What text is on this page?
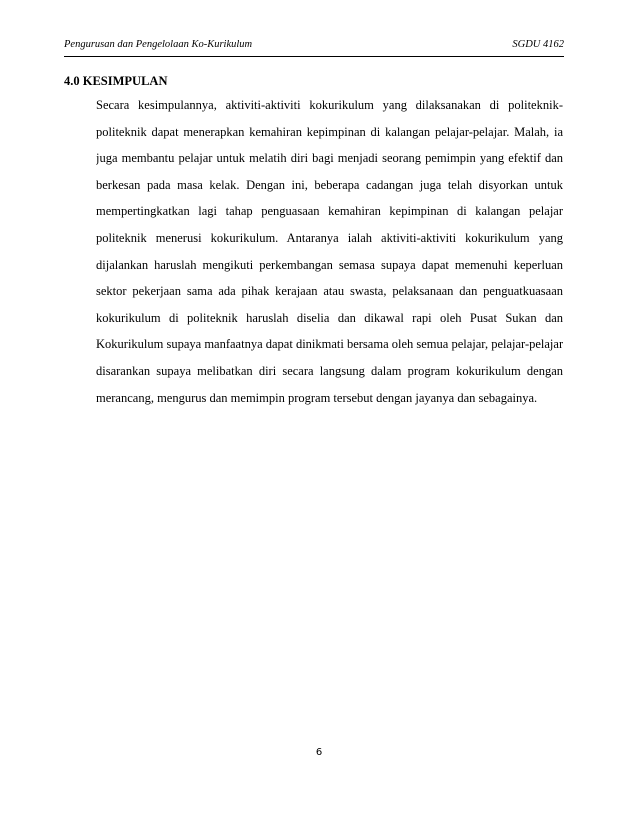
Pengurusan dan Pengelolaan Ko-Kurikulum	SGDU 4162
4.0 KESIMPULAN

Secara kesimpulannya, aktiviti-aktiviti kokurikulum yang dilaksanakan di politeknik-
politeknik dapat menerapkan kemahiran kepimpinan di kalangan pelajar-pelajar. Malah, ia
juga membantu pelajar untuk melatih diri bagi menjadi seorang pemimpin yang efektif dan
berkesan pada masa kelak. Dengan ini, beberapa cadangan juga telah disyorkan untuk
mempertingkatkan lagi tahap penguasaan kemahiran kepimpinan di kalangan pelajar
politeknik menerusi kokurikulum. Antaranya ialah aktiviti-aktiviti kokurikulum yang
dijalankan haruslah mengikuti perkembangan semasa supaya dapat memenuhi keperluan
sektor pekerjaan sama ada pihak kerajaan atau swasta, pelaksanaan dan penguatkuasaan
kokurikulum di politeknik haruslah diselia dan dikawal rapi oleh Pusat Sukan dan
Kokurikulum supaya manfaatnya dapat dinikmati bersama oleh semua pelajar, pelajar-pelajar
disarankan supaya melibatkan diri secara langsung dalam program kokurikulum dengan
merancang, mengurus dan memimpin program tersebut dengan jayanya dan sebagainya.

6
